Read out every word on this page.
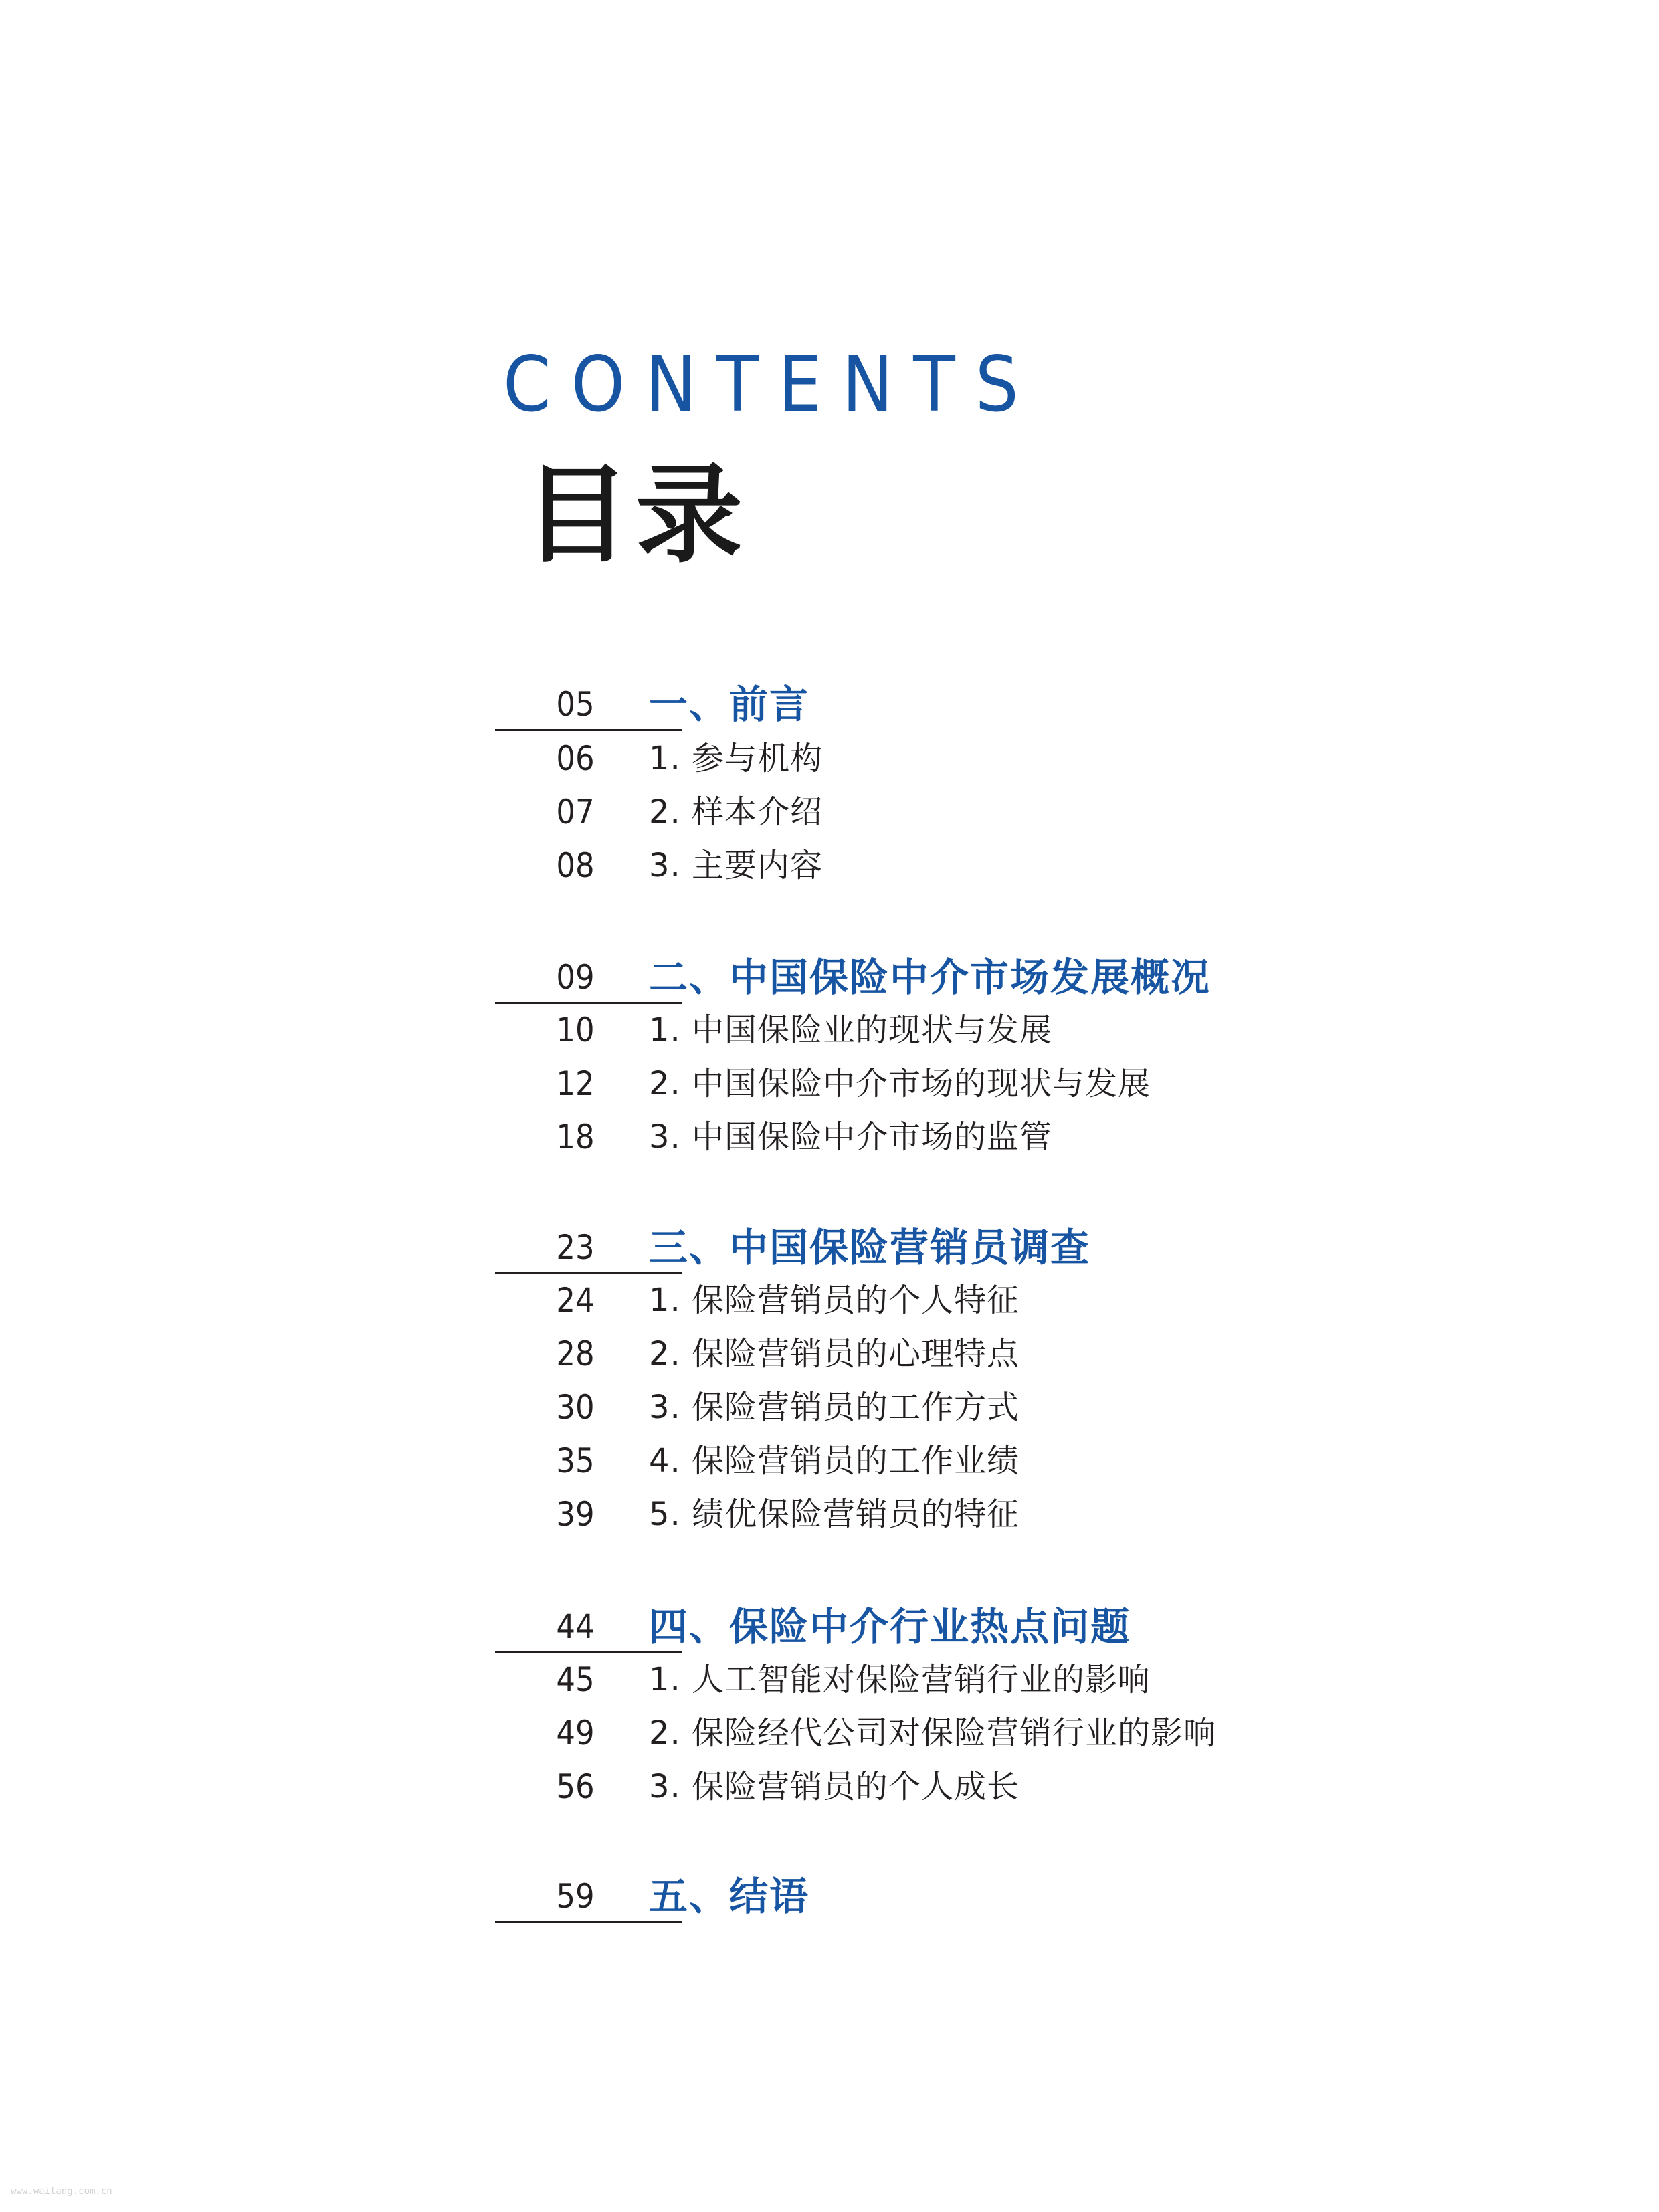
CONTENTS
目录
05	一、前言
06	1. 参与机构
07	2. 样本介绍
08	3. 主要内容
09	二、中国保险中介市场发展概况
10	1. 中国保险业的现状与发展
12	2. 中国保险中介市场的现状与发展
18	3. 中国保险中介市场的监管
23	三、中国保险营销员调查
24	1. 保险营销员的个人特征
28	2. 保险营销员的心理特点
30	3. 保险营销员的工作方式
35	4. 保险营销员的工作业绩
39	5. 绩优保险营销员的特征
44	四、保险中介行业热点问题
45	1. 人工智能对保险营销行业的影响
49	2. 保险经代公司对保险营销行业的影响
56	3. 保险营销员的个人成长
59	五、结语
www.waitang.com.cn
